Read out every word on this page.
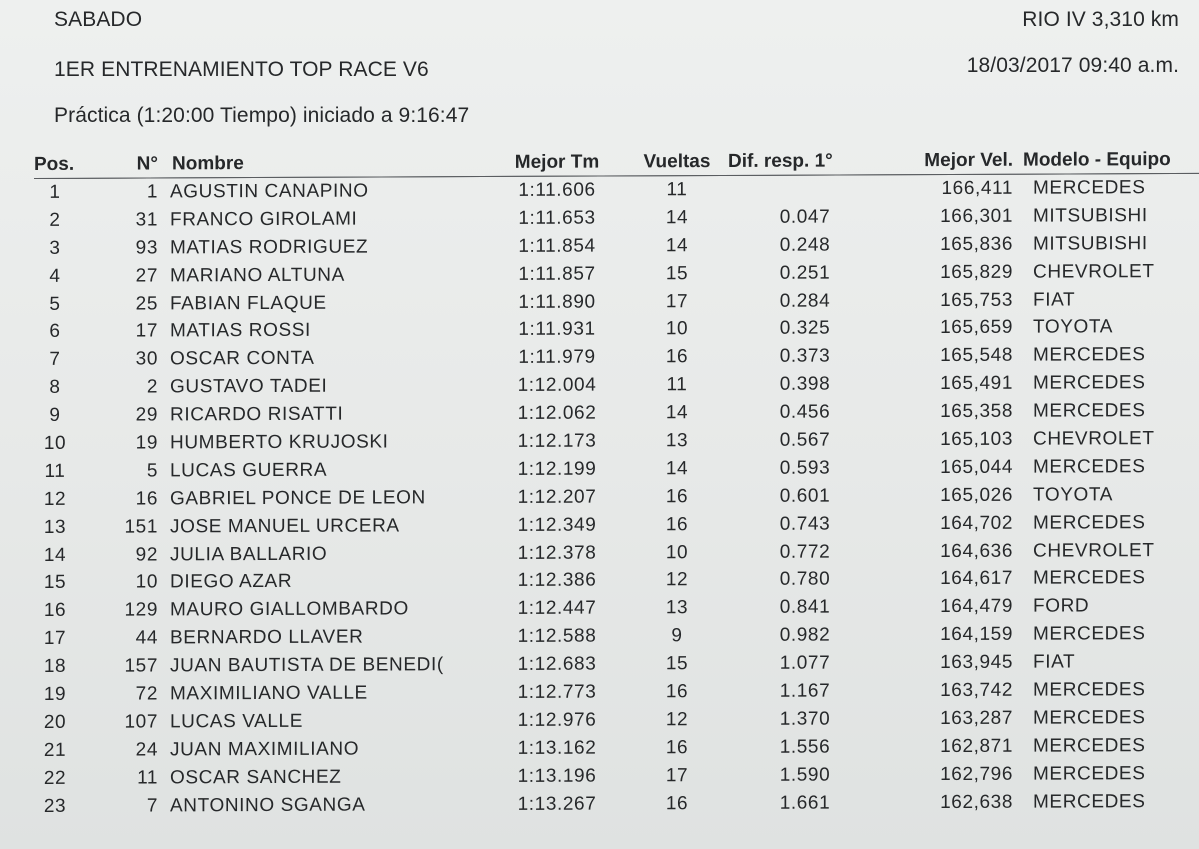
SABADO	RIO IV 3,310 km
1ER ENTRENAMIENTO TOP RACE V6	18/03/2017 09:40 a.m.
Práctica (1:20:00 Tiempo) iniciado a 9:16:47
Pos.	N°	Nombre	Mejor Tm	Vueltas	Dif. resp. 1°	Mejor Vel.	Modelo - Equipo
1	1	AGUSTIN CANAPINO	1:11.606	11		166,411	MERCEDES
2	31	FRANCO GIROLAMI	1:11.653	14	0.047	166,301	MITSUBISHI
3	93	MATIAS RODRIGUEZ	1:11.854	14	0.248	165,836	MITSUBISHI
4	27	MARIANO ALTUNA	1:11.857	15	0.251	165,829	CHEVROLET
5	25	FABIAN FLAQUE	1:11.890	17	0.284	165,753	FIAT
6	17	MATIAS ROSSI	1:11.931	10	0.325	165,659	TOYOTA
7	30	OSCAR CONTA	1:11.979	16	0.373	165,548	MERCEDES
8	2	GUSTAVO TADEI	1:12.004	11	0.398	165,491	MERCEDES
9	29	RICARDO RISATTI	1:12.062	14	0.456	165,358	MERCEDES
10	19	HUMBERTO KRUJOSKI	1:12.173	13	0.567	165,103	CHEVROLET
11	5	LUCAS GUERRA	1:12.199	14	0.593	165,044	MERCEDES
12	16	GABRIEL PONCE DE LEON	1:12.207	16	0.601	165,026	TOYOTA
13	151	JOSE MANUEL URCERA	1:12.349	16	0.743	164,702	MERCEDES
14	92	JULIA BALLARIO	1:12.378	10	0.772	164,636	CHEVROLET
15	10	DIEGO AZAR	1:12.386	12	0.780	164,617	MERCEDES
16	129	MAURO GIALLOMBARDO	1:12.447	13	0.841	164,479	FORD
17	44	BERNARDO LLAVER	1:12.588	9	0.982	164,159	MERCEDES
18	157	JUAN BAUTISTA DE BENEDI(	1:12.683	15	1.077	163,945	FIAT
19	72	MAXIMILIANO VALLE	1:12.773	16	1.167	163,742	MERCEDES
20	107	LUCAS VALLE	1:12.976	12	1.370	163,287	MERCEDES
21	24	JUAN MAXIMILIANO	1:13.162	16	1.556	162,871	MERCEDES
22	11	OSCAR SANCHEZ	1:13.196	17	1.590	162,796	MERCEDES
23	7	ANTONINO SGANGA	1:13.267	16	1.661	162,638	MERCEDES
